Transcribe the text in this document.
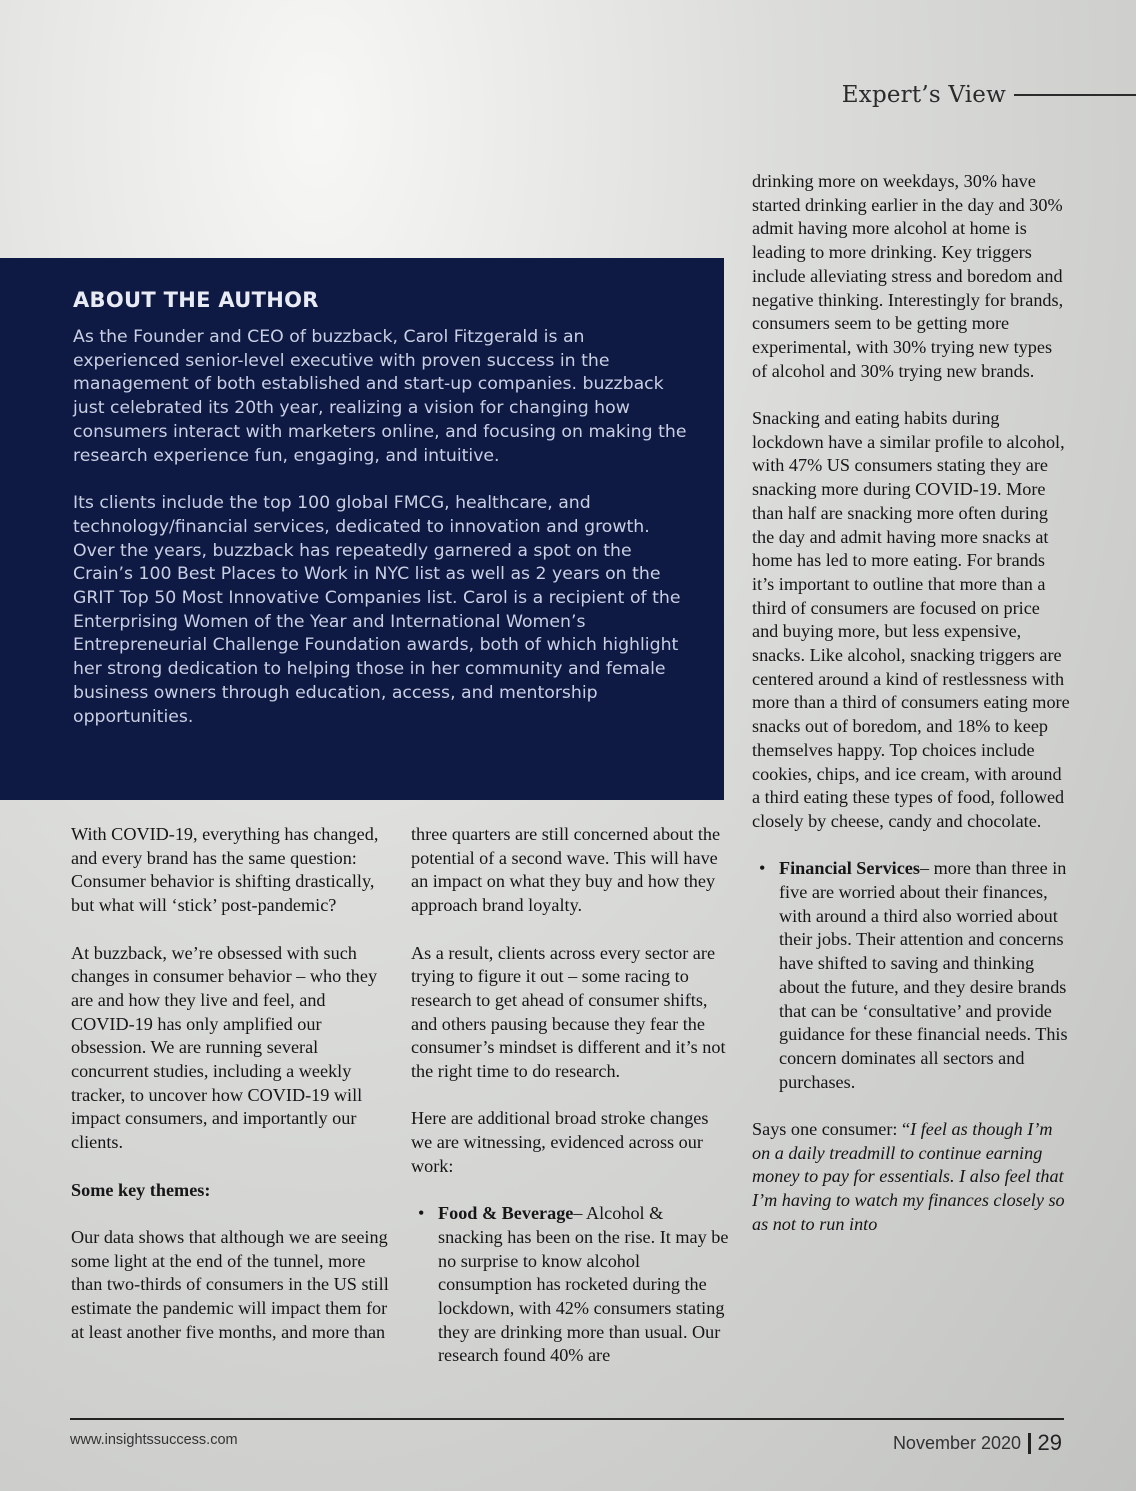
Expert’s View
ABOUT THE AUTHOR

As the Founder and CEO of buzzback, Carol Fitzgerald is an experienced senior-level executive with proven success in the management of both established and start-up companies. buzzback just celebrated its 20th year, realizing a vision for changing how consumers interact with marketers online, and focusing on making the research experience fun, engaging, and intuitive.

Its clients include the top 100 global FMCG, healthcare, and technology/financial services, dedicated to innovation and growth. Over the years, buzzback has repeatedly garnered a spot on the Crain’s 100 Best Places to Work in NYC list as well as 2 years on the GRIT Top 50 Most Innovative Companies list. Carol is a recipient of the Enterprising Women of the Year and International Women’s Entrepreneurial Challenge Foundation awards, both of which highlight her strong dedication to helping those in her community and female business owners through education, access, and mentorship opportunities.

With COVID-19, everything has changed, and every brand has the same question: Consumer behavior is shifting drastically, but what will ‘stick’ post-pandemic?

At buzzback, we’re obsessed with such changes in consumer behavior – who they are and how they live and feel, and COVID-19 has only amplified our obsession. We are running several concurrent studies, including a weekly tracker, to uncover how COVID-19 will impact consumers, and importantly our clients.

Some key themes:

Our data shows that although we are seeing some light at the end of the tunnel, more than two-thirds of consumers in the US still estimate the pandemic will impact them for at least another five months, and more than

three quarters are still concerned about the potential of a second wave. This will have an impact on what they buy and how they approach brand loyalty.

As a result, clients across every sector are trying to figure it out – some racing to research to get ahead of consumer shifts, and others pausing because they fear the consumer’s mindset is different and it’s not the right time to do research.

Here are additional broad stroke changes we are witnessing, evidenced across our work:

• Food & Beverage– Alcohol & snacking has been on the rise. It may be no surprise to know alcohol consumption has rocketed during the lockdown, with 42% consumers stating they are drinking more than usual. Our research found 40% are

drinking more on weekdays, 30% have started drinking earlier in the day and 30% admit having more alcohol at home is leading to more drinking. Key triggers include alleviating stress and boredom and negative thinking. Interestingly for brands, consumers seem to be getting more experimental, with 30% trying new types of alcohol and 30% trying new brands.

Snacking and eating habits during lockdown have a similar profile to alcohol, with 47% US consumers stating they are snacking more during COVID-19. More than half are snacking more often during the day and admit having more snacks at home has led to more eating. For brands it’s important to outline that more than a third of consumers are focused on price and buying more, but less expensive, snacks. Like alcohol, snacking triggers are centered around a kind of restlessness with more than a third of consumers eating more snacks out of boredom, and 18% to keep themselves happy. Top choices include cookies, chips, and ice cream, with around a third eating these types of food, followed closely by cheese, candy and chocolate.

• Financial Services– more than three in five are worried about their finances, with around a third also worried about their jobs. Their attention and concerns have shifted to saving and thinking about the future, and they desire brands that can be ‘consultative’ and provide guidance for these financial needs. This concern dominates all sectors and purchases.

Says one consumer: “I feel as though I’m on a daily treadmill to continue earning money to pay for essentials. I also feel that I’m having to watch my finances closely so as not to run into

www.insightssuccess.com	November 2020 29
